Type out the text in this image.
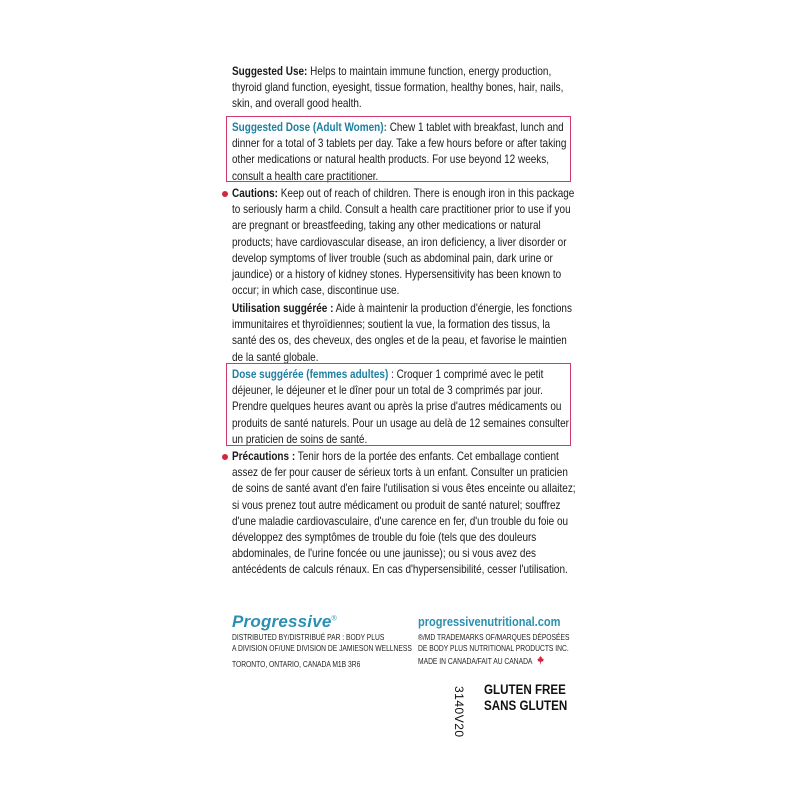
Suggested Use: Helps to maintain immune function, energy production, thyroid gland function, eyesight, tissue formation, healthy bones, hair, nails, skin, and overall good health.

Suggested Dose (Adult Women): Chew 1 tablet with breakfast, lunch and dinner for a total of 3 tablets per day. Take a few hours before or after taking other medications or natural health products. For use beyond 12 weeks, consult a health care practitioner.

Cautions: Keep out of reach of children. There is enough iron in this package to seriously harm a child. Consult a health care practitioner prior to use if you are pregnant or breastfeeding, taking any other medications or natural products; have cardiovascular disease, an iron deficiency, a liver disorder or develop symptoms of liver trouble (such as abdominal pain, dark urine or jaundice) or a history of kidney stones. Hypersensitivity has been known to occur; in which case, discontinue use.

Utilisation suggérée : Aide à maintenir la production d'énergie, les fonctions immunitaires et thyroïdiennes; soutient la vue, la formation des tissus, la santé des os, des cheveux, des ongles et de la peau, et favorise le maintien de la santé globale.

Dose suggérée (femmes adultes) : Croquer 1 comprimé avec le petit déjeuner, le déjeuner et le dîner pour un total de 3 comprimés par jour. Prendre quelques heures avant ou après la prise d'autres médicaments ou produits de santé naturels. Pour un usage au delà de 12 semaines consulter un praticien de soins de santé.

Précautions : Tenir hors de la portée des enfants. Cet emballage contient assez de fer pour causer de sérieux torts à un enfant. Consulter un praticien de soins de santé avant d'en faire l'utilisation si vous êtes enceinte ou allaitez; si vous prenez tout autre médicament ou produit de santé naturel; souffrez d'une maladie cardiovasculaire, d'une carence en fer, d'un trouble du foie ou développez des symptômes de trouble du foie (tels que des douleurs abdominales, de l'urine foncée ou une jaunisse); ou si vous avez des antécédents de calculs rénaux. En cas d'hypersensibilité, cesser l'utilisation.

Progressive®
DISTRIBUTED BY/DISTRIBUÉ PAR : BODY PLUS
A DIVISION OF/UNE DIVISION DE JAMIESON WELLNESS
TORONTO, ONTARIO, CANADA M1B 3R6
progressivenutritional.com
®/MD TRADEMARKS OF/MARQUES DÉPOSÉES
DE BODY PLUS NUTRITIONAL PRODUCTS INC.
MADE IN CANADA/FAIT AU CANADA
3140V20 GLUTEN FREE
SANS GLUTEN
